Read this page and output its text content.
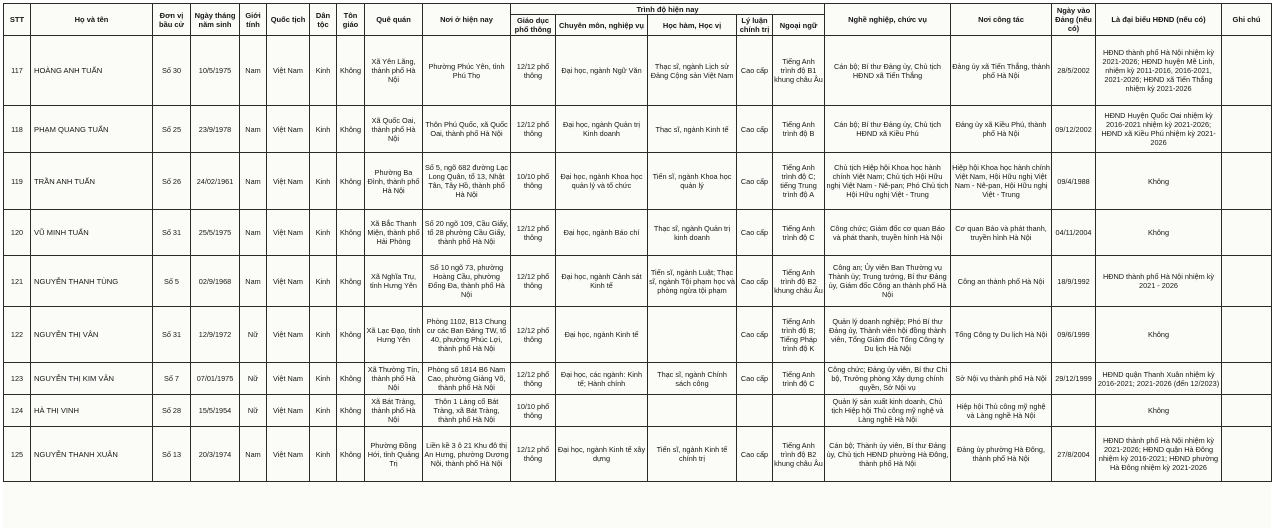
STT	Họ và tên	Đơn vị bầu cử	Ngày tháng năm sinh	Giới tính	Quốc tịch	Dân tộc	Tôn giáo	Quê quán	Nơi ở hiện nay	Trình độ hiện nay					Nghề nghiệp, chức vụ	Nơi công tác	Ngày vào Đảng (nếu có)	Là đại biểu HĐND (nếu có)	Ghi chú
										Giáo dục phổ thông	Chuyên môn, nghiệp vụ	Học hàm, Học vị	Lý luận chính trị	Ngoại ngữ					
117	HOÀNG ANH TUẤN	Số 30	10/5/1975	Nam	Việt Nam	Kinh	Không	Xã Yên Lãng, thành phố Hà Nội	Phường Phúc Yên, tỉnh Phú Thọ	12/12 phổ thông	Đại học, ngành Ngữ Văn	Thạc sĩ, ngành Lịch sử Đảng Cộng sản Việt Nam	Cao cấp	Tiếng Anh trình độ B1 khung châu Âu	Cán bộ; Bí thư Đảng ủy, Chủ tịch HĐND xã Tiến Thắng	Đảng ủy xã Tiến Thắng, thành phố Hà Nội	28/5/2002	HĐND thành phố Hà Nội nhiệm kỳ 2021-2026; HĐND huyện Mê Linh, nhiệm kỳ 2011-2016, 2016-2021, 2021-2026; HĐND xã Tiến Thắng nhiệm kỳ 2021-2026	
118	PHẠM QUANG TUẤN	Số 25	23/9/1978	Nam	Việt Nam	Kinh	Không	Xã Quốc Oai, thành phố Hà Nội	Thôn Phú Quốc, xã Quốc Oai, thành phố Hà Nội	12/12 phổ thông	Đại học, ngành Quản trị Kinh doanh	Thạc sĩ, ngành Kinh tế	Cao cấp	Tiếng Anh trình độ B	Cán bộ; Bí thư Đảng ủy, Chủ tịch HĐND xã Kiều Phú	Đảng ủy xã Kiều Phú, thành phố Hà Nội	09/12/2002	HĐND Huyện Quốc Oai nhiệm kỳ 2016-2021 nhiệm kỳ 2021-2026; HĐND xã Kiều Phú nhiệm kỳ 2021-2026	
119	TRẦN ANH TUẤN	Số 26	24/02/1961	Nam	Việt Nam	Kinh	Không	Phường Ba Đình, thành phố Hà Nội	Số 5, ngõ 682 đường Lạc Long Quân, tổ 13, Nhật Tân, Tây Hồ, thành phố Hà Nội	10/10 phổ thông	Đại học, ngành Khoa học quản lý và tổ chức	Tiến sĩ, ngành Khoa học quản lý	Cao cấp	Tiếng Anh trình độ C; tiếng Trung trình độ A	Chủ tịch Hiệp hội Khoa học hành chính Việt Nam; Chủ tịch Hội Hữu nghị Việt Nam - Nê-pan; Phó Chủ tịch Hội Hữu nghị Việt - Trung	Hiệp hội Khoa học hành chính Việt Nam, Hội Hữu nghị Việt Nam - Nê-pan, Hội Hữu nghị Việt - Trung	09/4/1988	Không	
120	VŨ MINH TUẤN	Số 31	25/5/1975	Nam	Việt Nam	Kinh	Không	Xã Bắc Thanh Miện, thành phố Hải Phòng	Số 20 ngõ 109, Cầu Giấy, tổ 28 phường Cầu Giấy, thành phố Hà Nội	12/12 phổ thông	Đại học, ngành Báo chí	Thạc sĩ, ngành Quản trị kinh doanh	Cao cấp	Tiếng Anh trình độ C	Công chức; Giám đốc cơ quan Báo và phát thanh, truyền hình Hà Nội	Cơ quan Báo và phát thanh, truyền hình Hà Nội	04/11/2004	Không	
121	NGUYỄN THANH TÙNG	Số 5	02/9/1968	Nam	Việt Nam	Kinh	Không	Xã Nghĩa Trụ, tỉnh Hưng Yên	Số 10 ngõ 73, phường Hoàng Cầu, phường Đống Đa, thành phố Hà Nội	12/12 phổ thông	Đại học, ngành Cảnh sát Kinh tế	Tiến sĩ, ngành Luật; Thạc sĩ, ngành Tội phạm học và phòng ngừa tội phạm	Cao cấp	Tiếng Anh trình độ B2 khung châu Âu	Công an; Ủy viên Ban Thường vụ Thành ủy; Trung tướng, Bí thư Đảng ủy, Giám đốc Công an thành phố Hà Nội	Công an thành phố Hà Nội	18/9/1992	HĐND thành phố Hà Nội nhiệm kỳ 2021 - 2026	
122	NGUYỄN THỊ VÂN	Số 31	12/9/1972	Nữ	Việt Nam	Kinh	Không	Xã Lạc Đạo, tỉnh Hưng Yên	Phòng 1102, B13 Chung cư các Ban Đảng TW, tổ 40, phường Phúc Lợi, thành phố Hà Nội	12/12 phổ thông	Đại học, ngành Kinh tế		Cao cấp	Tiếng Anh trình độ B; Tiếng Pháp trình độ K	Quản lý doanh nghiệp; Phó Bí thư Đảng ủy, Thành viên hội đồng thành viên, Tổng Giám đốc Tổng Công ty Du lịch Hà Nội	Tổng Công ty Du lịch Hà Nội	09/6/1999	Không	
123	NGUYỄN THỊ KIM VÂN	Số 7	07/01/1975	Nữ	Việt Nam	Kinh	Không	Xã Thường Tín, thành phố Hà Nội	Phòng số 1814 B6 Nam Cao, phường Giảng Võ, thành phố Hà Nội	12/12 phổ thông	Đại học, các ngành: Kinh tế; Hành chính	Thạc sĩ, ngành Chính sách công	Cao cấp	Tiếng Anh trình độ C	Công chức; Đảng ủy viên, Bí thư Chi bộ, Trưởng phòng Xây dựng chính quyền, Sở Nội vụ	Sở Nội vụ thành phố Hà Nội	29/12/1999	HĐND quận Thanh Xuân nhiệm kỳ 2016-2021; 2021-2026 (đến 12/2023)	
124	HÀ THỊ VINH	Số 28	15/5/1954	Nữ	Việt Nam	Kinh	Không	Xã Bát Tràng, thành phố Hà Nội	Thôn 1 Làng cổ Bát Tràng, xã Bát Tràng, thành phố Hà Nội	10/10 phổ thông					Quản lý sản xuất kinh doanh, Chủ tịch Hiệp hội Thủ công mỹ nghệ và Làng nghề Hà Nội	Hiệp hội Thủ công mỹ nghệ và Làng nghề Hà Nội		Không	
125	NGUYỄN THANH XUÂN	Số 13	20/3/1974	Nam	Việt Nam	Kinh	Không	Phường Đồng Hới, tỉnh Quảng Trị	Liền kề 3 ô 21 Khu đô thị An Hưng, phường Dương Nội, thành phố Hà Nội	12/12 phổ thông	Đại học, ngành Kinh tế xây dựng	Tiến sĩ, ngành Kinh tế chính trị	Cao cấp	Tiếng Anh trình độ B2 khung châu Âu	Cán bộ; Thành ủy viên, Bí thư Đảng ủy, Chủ tịch HĐND phường Hà Đông, thành phố Hà Nội	Đảng ủy phường Hà Đông, thành phố Hà Nội	27/8/2004	HĐND thành phố Hà Nội nhiệm kỳ 2021-2026; HĐND quận Hà Đông nhiệm kỳ 2016-2021; HĐND phường Hà Đông nhiệm kỳ 2021-2026	
